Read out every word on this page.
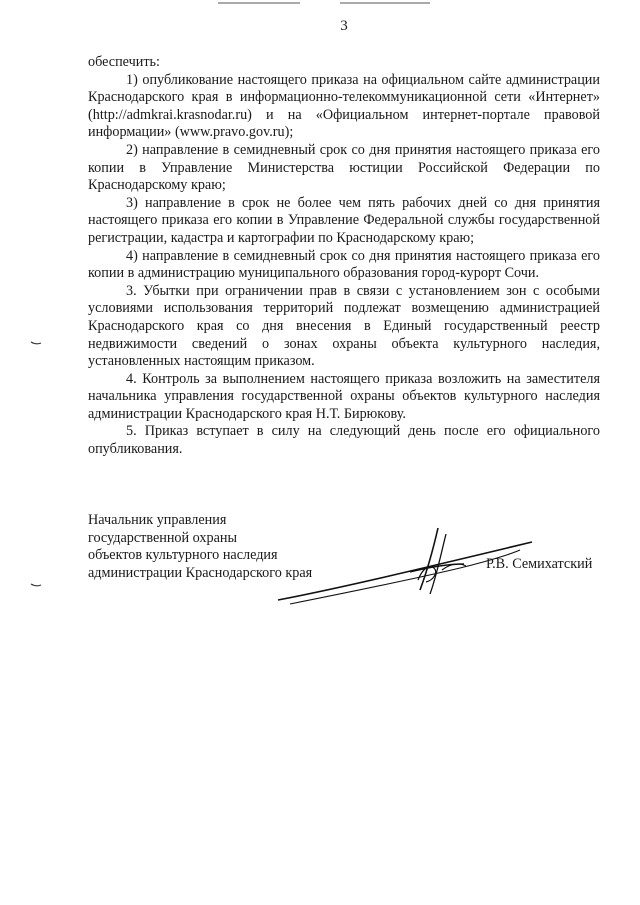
3

обеспечить:

1) опубликование настоящего приказа на официальном сайте администрации Краснодарского края в информационно-телекоммуникационной сети «Интернет» (http://admkrai.krasnodar.ru) и на «Официальном интернет-портале правовой информации» (www.pravo.gov.ru);

2) направление в семидневный срок со дня принятия настоящего приказа его копии в Управление Министерства юстиции Российской Федерации по Краснодарскому краю;

3) направление в срок не более чем пять рабочих дней со дня принятия настоящего приказа его копии в Управление Федеральной службы государственной регистрации, кадастра и картографии по Краснодарскому краю;

4) направление в семидневный срок со дня принятия настоящего приказа его копии в администрацию муниципального образования город-курорт Сочи.

3. Убытки при ограничении прав в связи с установлением зон с особыми условиями использования территорий подлежат возмещению администрацией Краснодарского края со дня внесения в Единый государственный реестр недвижимости сведений о зонах охраны объекта культурного наследия, установленных настоящим приказом.

4. Контроль за выполнением настоящего приказа возложить на заместителя начальника управления государственной охраны объектов культурного наследия администрации Краснодарского края Н.Т. Бирюкову.

5. Приказ вступает в силу на следующий день после его официального опубликования.

Начальник управления
государственной охраны
объектов культурного наследия
администрации Краснодарского края
Р.В. Семихатский
